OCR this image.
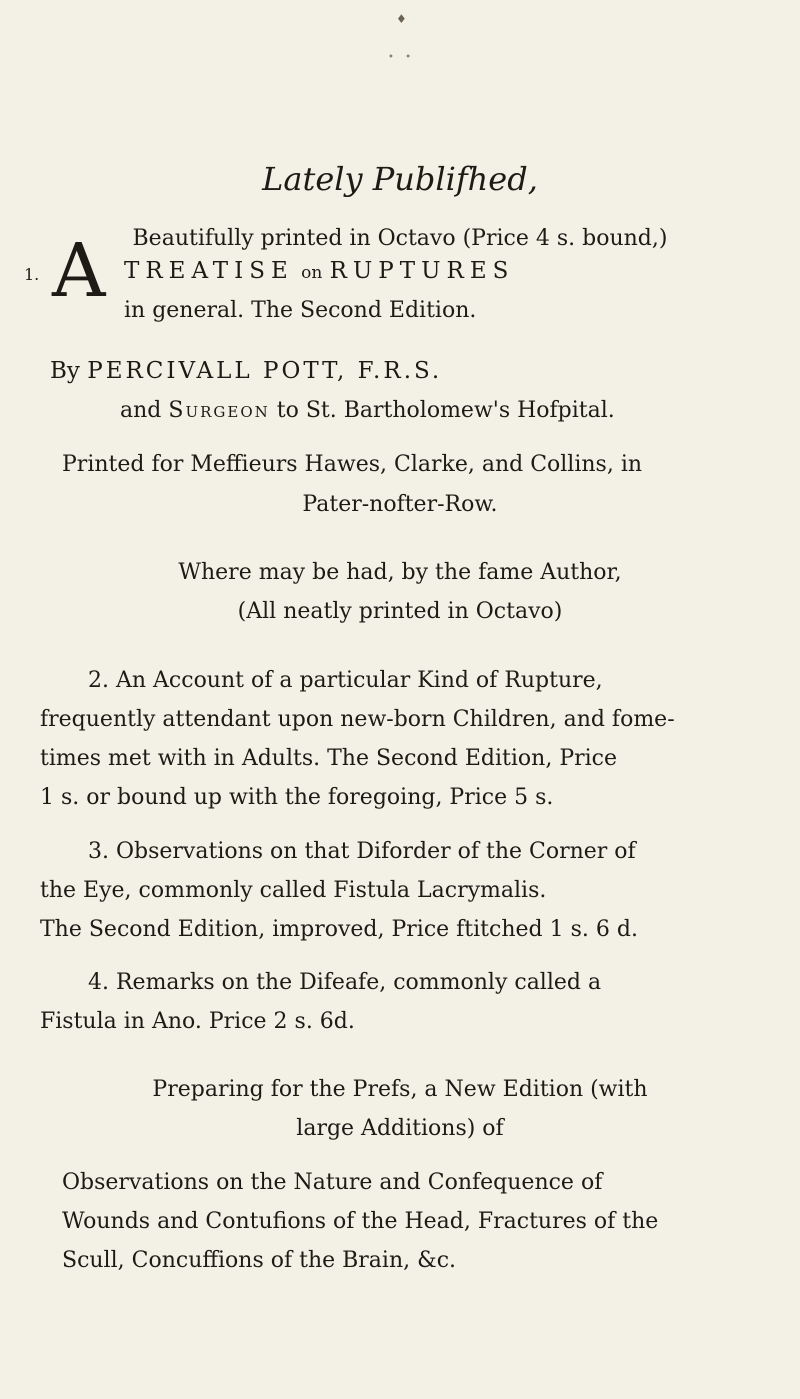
♦
• •
Lately Publifhed,
Beautifully printed in Octavo (Price 4 s. bound,)
1. A TREATISE on RUPTURES
in general. The Second Edition.
By PERCIVALL POTT, F.R.S.
and Surgeon to St. Bartholomew's Hofpital.
Printed for Meffieurs Hawes, Clarke, and Collins, in
Pater-nofter-Row.
Where may be had, by the fame Author,
(All neatly printed in Octavo)
2. An Account of a particular Kind of Rupture,
frequently attendant upon new-born Children, and fome-
times met with in Adults. The Second Edition, Price
1 s. or bound up with the foregoing, Price 5 s.
3. Observations on that Diforder of the Corner of
the Eye, commonly called Fistula Lacrymalis.
The Second Edition, improved, Price ftitched 1 s. 6 d.
4. Remarks on the Difeafe, commonly called a
Fistula in Ano. Price 2 s. 6d.
Preparing for the Prefs, a New Edition (with
large Additions) of
Observations on the Nature and Confequence of
Wounds and Contufions of the Head, Fractures of the
Scull, Concuffions of the Brain, &c.
